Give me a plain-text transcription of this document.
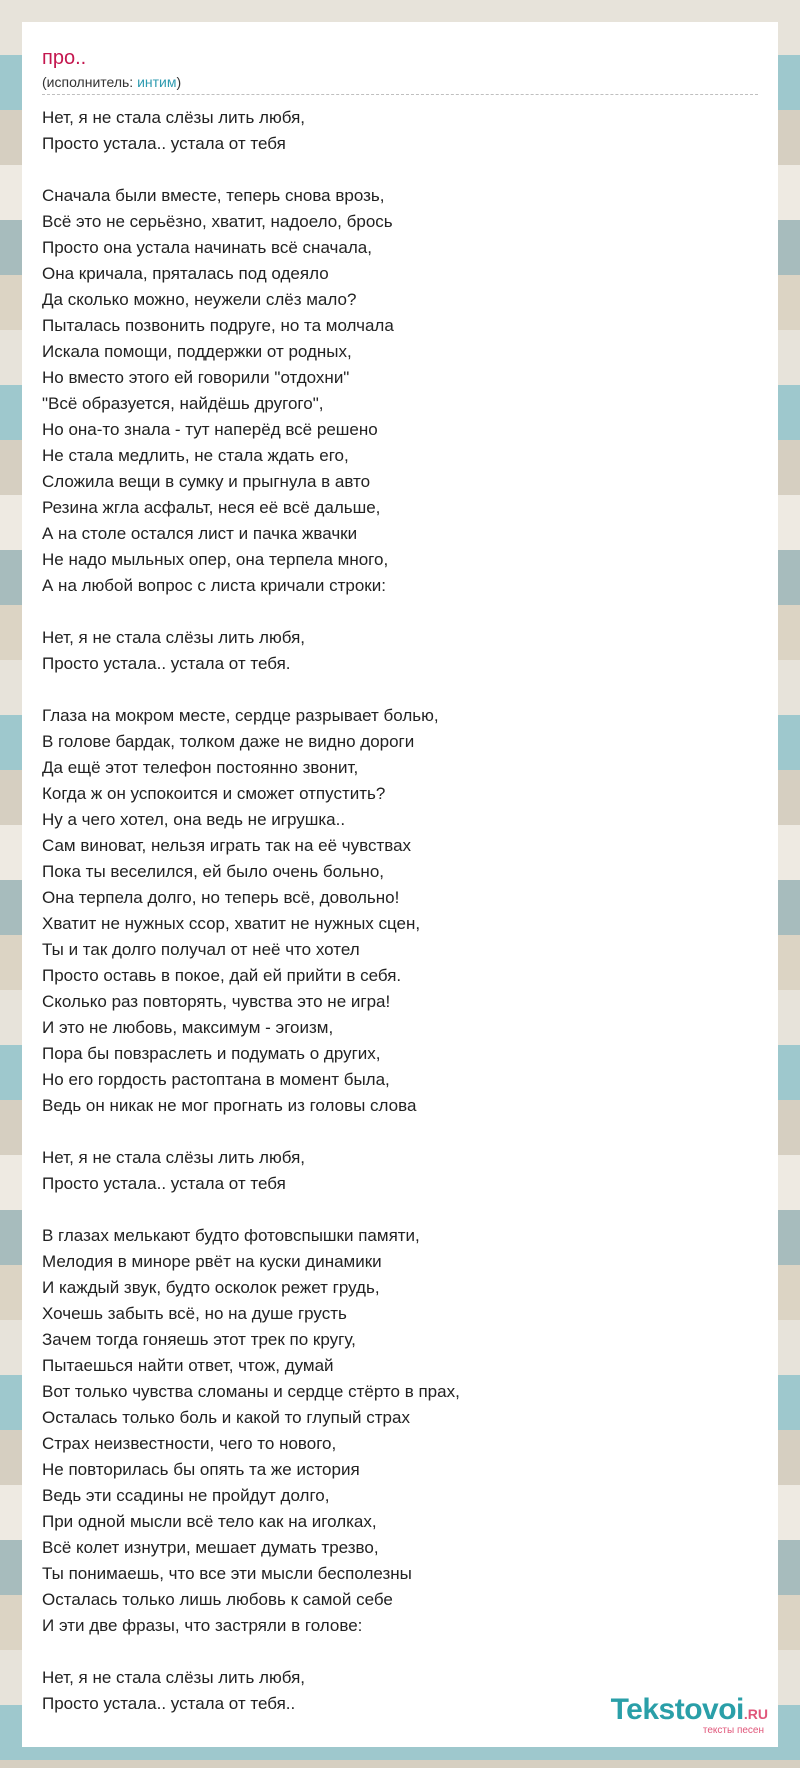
про..
(исполнитель: интим)
Нет, я не стала слёзы лить любя,
Просто устала.. устала от тебя
Сначала были вместе, теперь снова врозь,
Всё это не серьёзно, хватит, надоело, брось
Просто она устала начинать всё сначала,
Она кричала, пряталась под одеяло
Да сколько можно, неужели слёз мало?
Пыталась позвонить подруге, но та молчала
Искала помощи, поддержки от родных,
Но вместо этого ей говорили "отдохни"
"Всё образуется, найдёшь другого",
Но она-то знала - тут наперёд всё решено
Не стала медлить, не стала ждать его,
Сложила вещи в сумку и прыгнула в авто
Резина жгла асфальт, неся её всё дальше,
А на столе остался лист и пачка жвачки
Не надо мыльных опер, она терпела много,
А на любой вопрос с листа кричали строки:
Нет, я не стала слёзы лить любя,
Просто устала.. устала от тебя.
Глаза на мокром месте, сердце разрывает болью,
В голове бардак, толком даже не видно дороги
Да ещё этот телефон постоянно звонит,
Когда ж он успокоится и сможет отпустить?
Ну а чего хотел, она ведь не игрушка..
Сам виноват, нельзя играть так на её чувствах
Пока ты веселился, ей было очень больно,
Она терпела долго, но теперь всё, довольно!
Хватит не нужных ссор, хватит не нужных сцен,
Ты и так долго получал от неё что хотел
Просто оставь в покое, дай ей прийти в себя.
Сколько раз повторять, чувства это не игра!
И это не любовь, максимум - эгоизм,
Пора бы повзраслеть и подумать о других,
Но его гордость растоптана в момент была,
Ведь он никак не мог прогнать из головы слова
Нет, я не стала слёзы лить любя,
Просто устала.. устала от тебя
В глазах мелькают будто фотовспышки памяти,
Мелодия в миноре рвёт на куски динамики
И каждый звук, будто осколок режет грудь,
Хочешь забыть всё, но на душе грусть
Зачем тогда гоняешь этот трек по кругу,
Пытаешься найти ответ, чтож, думай
Вот только чувства сломаны и сердце стёрто в прах,
Осталась только боль и какой то глупый страх
Страх неизвестности, чего то нового,
Не повторилась бы опять та же история
Ведь эти ссадины не пройдут долго,
При одной мысли всё тело как на иголках,
Всё колет изнутри, мешает думать трезво,
Ты понимаешь, что все эти мысли бесполезны
Осталась только лишь любовь к самой себе
И эти две фразы, что застряли в голове:
Нет, я не стала слёзы лить любя,
Просто устала.. устала от тебя..	Tekstovoi.RU
тексты песен
